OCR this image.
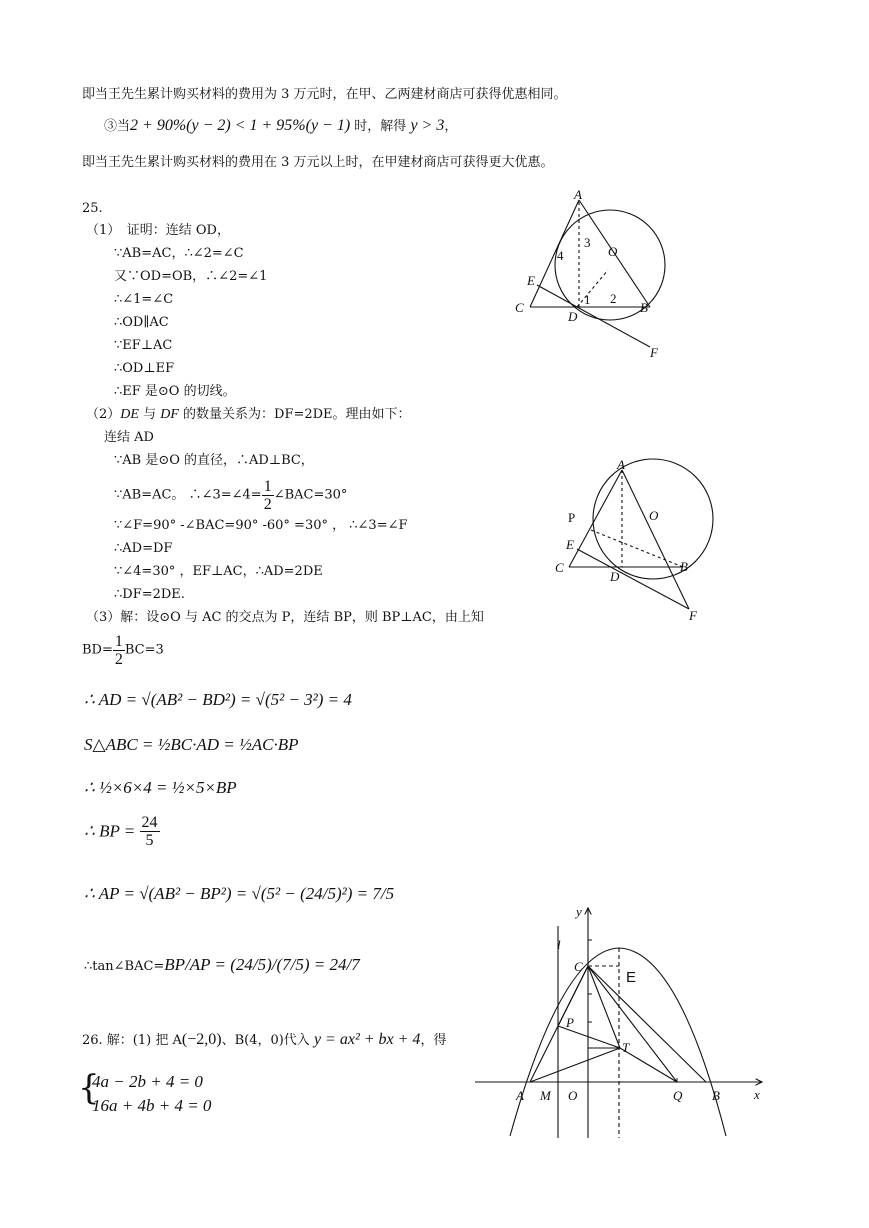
即当王先生累计购买材料的费用为 3 万元时，在甲、乙两建材商店可获得优惠相同。
③当2 + 90%(y − 2) < 1 + 95%(y − 1) 时，解得 y > 3，
即当王先生累计购买材料的费用在 3 万元以上时，在甲建材商店可获得更大优惠。
25.
（1）　证明：连结 OD，
∵AB=AC，∴∠2=∠C
又∵OD=OB，∴∠2=∠1
∴∠1=∠C
∴OD∥AC
∵EF⊥AC
∴OD⊥EF
∴EF 是⊙O 的切线。
（2）DE 与 DF 的数量关系为：DF=2DE。理由如下：
连结 AD
∵AB 是⊙O 的直径，∴AD⊥BC，
∵AB=AC。 ∴∠3=∠4= $\frac{1}{2}$ ∠BAC=30°
∵∠F=90° -∠BAC=90° -60° =30° ， ∴∠3=∠F
∴AD=DF
∵∠4=30° ，EF⊥AC，∴AD=2DE
∴DF=2DE.
（3）解：设⊙O 与 AC 的交点为 P，连结 BP，则 BP⊥AC，由上知
$BD= \frac{1}{2} BC=3$
∴ AD = √(AB² − BD²) = √(5² − 3²) = 4
S△ABC = ½BC·AD = ½AC·BP
∴ ½×6×4 = ½×5×BP
∴ BP = $\frac{24}{5}$
∴ AP = √(AB² − BP²) = √(5² − (24/5)²) = 7/5
∴tan∠BAC=BP/AP = (24/5)/(7/5) = 24/7
26. 解：(1) 把 A(−2,0)、B(4，0)代入 y = ax² + bx + 4，得
{
4a − 2b + 4 = 0
16a + 4b + 4 = 0
A
O
E
4
3
C
1 2
B
D
F
A
O
P
E
C
D
B
F
y
l
C
E
P
T
A M O	Q B	x
